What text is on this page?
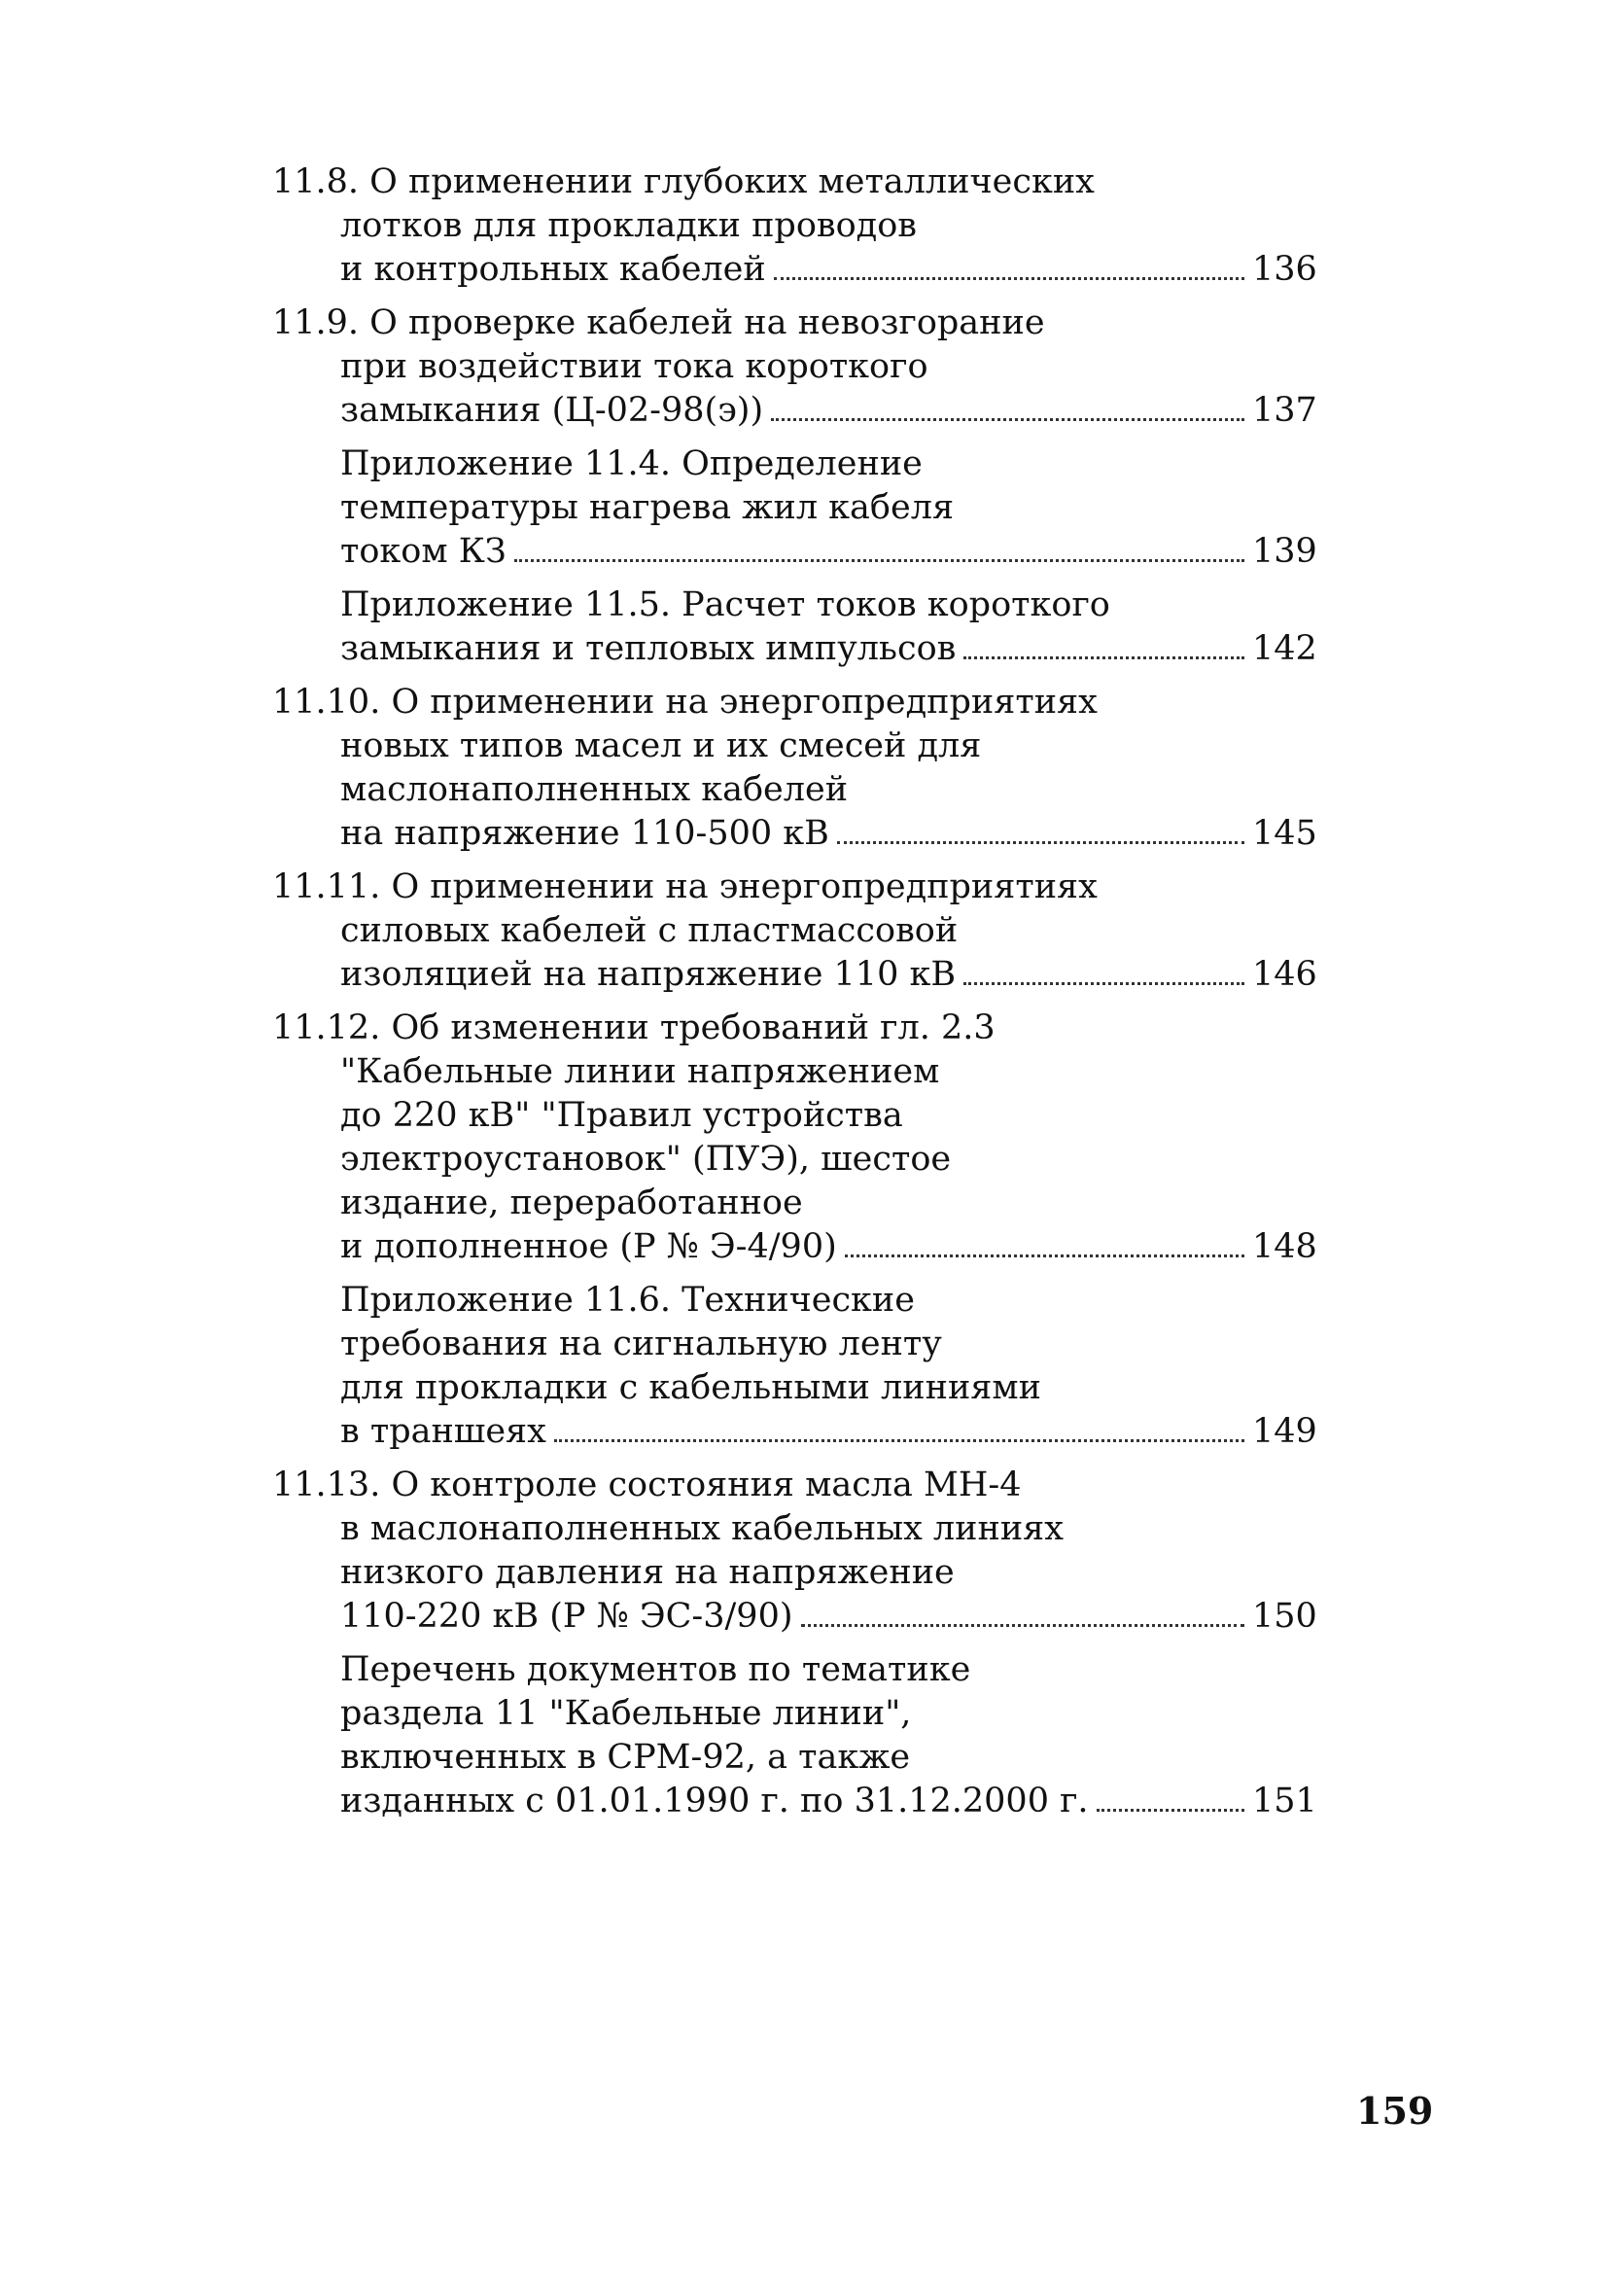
11.8. О применении глубоких металлических
лотков для прокладки проводов
и контрольных кабелей	136
11.9. О проверке кабелей на невозгорание
при воздействии тока короткого
замыкания (Ц-02-98(э))	137
Приложение 11.4. Определение
температуры нагрева жил кабеля
током КЗ	139
Приложение 11.5. Расчет токов короткого
замыкания и тепловых импульсов	142
11.10. О применении на энергопредприятиях
новых типов масел и их смесей для
маслонаполненных кабелей
на напряжение 110-500 кВ	145
11.11. О применении на энергопредприятиях
силовых кабелей с пластмассовой
изоляцией на напряжение 110 кВ	146
11.12. Об изменении требований гл. 2.3
"Кабельные линии напряжением
до 220 кВ" "Правил устройства
электроустановок" (ПУЭ), шестое
издание, переработанное
и дополненное (Р № Э-4/90)	148
Приложение 11.6. Технические
требования на сигнальную ленту
для прокладки с кабельными линиями
в траншеях	149
11.13. О контроле состояния масла МН-4
в маслонаполненных кабельных линиях
низкого давления на напряжение
110-220 кВ (Р № ЭС-3/90)	150
Перечень документов по тематике
раздела 11 "Кабельные линии",
включенных в СРМ-92, а также
изданных с 01.01.1990 г. по 31.12.2000 г.	151
159
